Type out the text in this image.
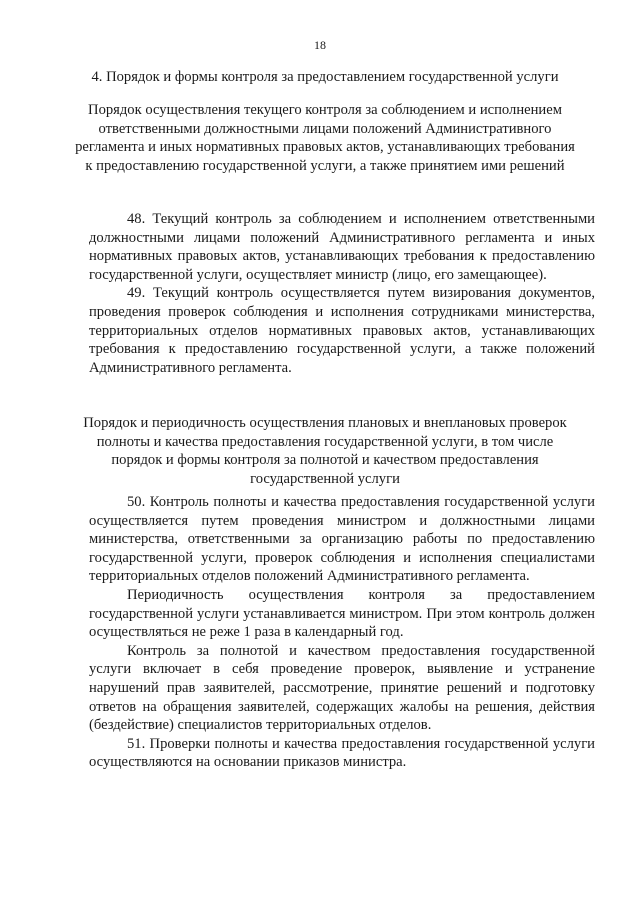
18
4. Порядок и формы контроля за предоставлением государственной услуги
Порядок осуществления текущего контроля за соблюдением и исполнением ответственными должностными лицами положений Административного регламента и иных нормативных правовых актов, устанавливающих требования к предоставлению государственной услуги, а также принятием ими решений

48. Текущий контроль за соблюдением и исполнением ответственными должностными лицами положений Административного регламента и иных нормативных правовых актов, устанавливающих требования к предоставлению государственной услуги, осуществляет министр (лицо, его замещающее).

49. Текущий контроль осуществляется путем визирования документов, проведения проверок соблюдения и исполнения сотрудниками министерства, территориальных отделов нормативных правовых актов, устанавливающих требования к предоставлению государственной услуги, а также положений Административного регламента.

Порядок и периодичность осуществления плановых и внеплановых проверок полноты и качества предоставления государственной услуги, в том числе порядок и формы контроля за полнотой и качеством предоставления государственной услуги

50. Контроль полноты и качества предоставления государственной услуги осуществляется путем проведения министром и должностными лицами министерства, ответственными за организацию работы по предоставлению государственной услуги, проверок соблюдения и исполнения специалистами территориальных отделов положений Административного регламента.

Периодичность осуществления контроля за предоставлением государственной услуги устанавливается министром. При этом контроль должен осуществляться не реже 1 раза в календарный год.

Контроль за полнотой и качеством предоставления государственной услуги включает в себя проведение проверок, выявление и устранение нарушений прав заявителей, рассмотрение, принятие решений и подготовку ответов на обращения заявителей, содержащих жалобы на решения, действия (бездействие) специалистов территориальных отделов.

51. Проверки полноты и качества предоставления государственной услуги осуществляются на основании приказов министра.
